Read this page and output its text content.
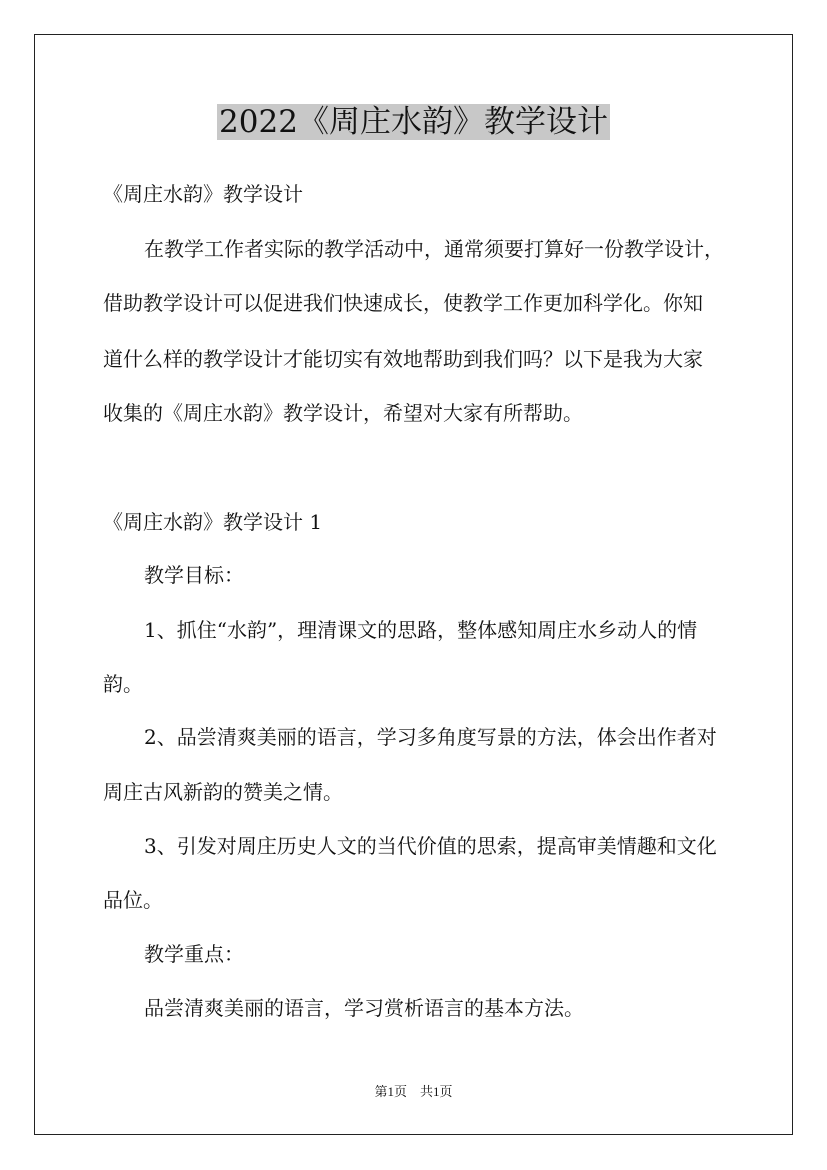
2022《周庄水韵》教学设计
《周庄水韵》教学设计
在教学工作者实际的教学活动中，通常须要打算好一份教学设计，
借助教学设计可以促进我们快速成长，使教学工作更加科学化。你知
道什么样的教学设计才能切实有效地帮助到我们吗？以下是我为大家
收集的《周庄水韵》教学设计，希望对大家有所帮助。
《周庄水韵》教学设计 1
教学目标：
1、抓住“水韵”，理清课文的思路，整体感知周庄水乡动人的情
韵。
2、品尝清爽美丽的语言，学习多角度写景的方法，体会出作者对
周庄古风新韵的赞美之情。
3、引发对周庄历史人文的当代价值的思索，提高审美情趣和文化
品位。
教学重点：
品尝清爽美丽的语言，学习赏析语言的基本方法。
第1页　共1页
